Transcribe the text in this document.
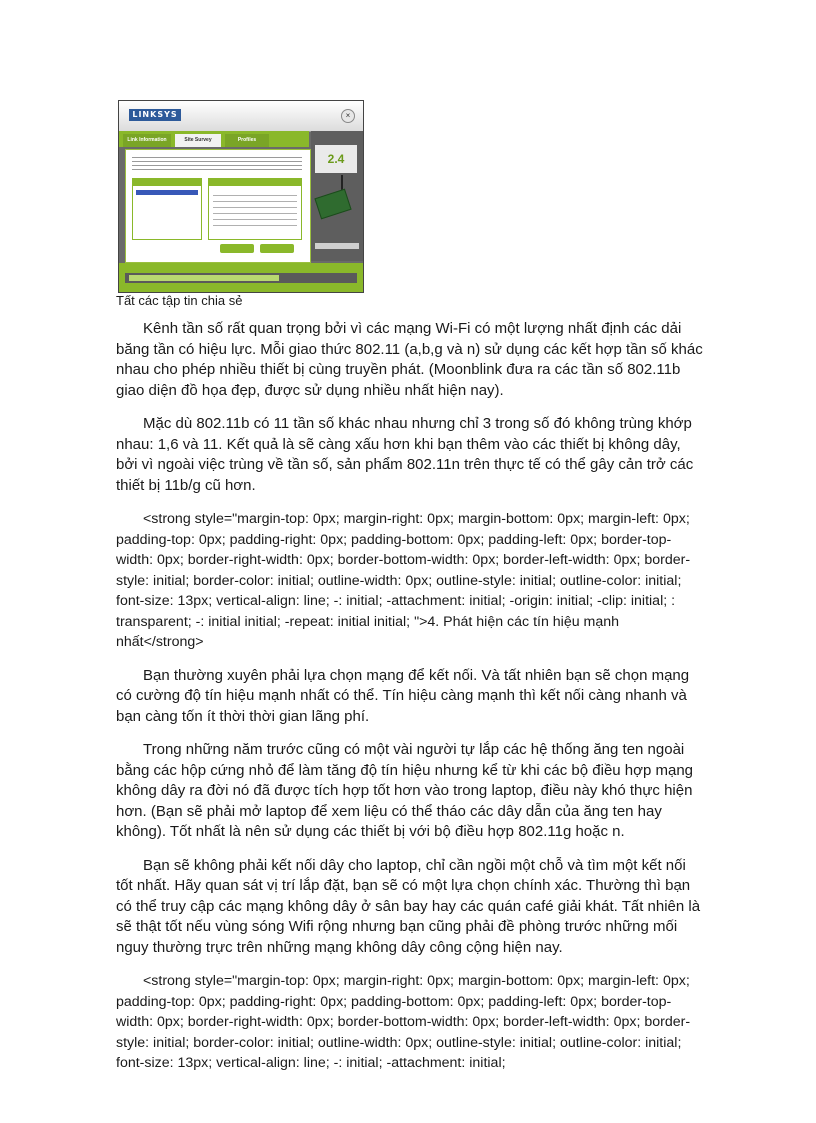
LINKSYS	×
Link Information	Site Survey	Profiles
2.4
Tất các tập tin chia sẻ

Kênh tần số rất quan trọng bởi vì các mạng Wi-Fi có một lượng nhất định các dải băng tần có hiệu lực. Mỗi giao thức 802.11 (a,b,g và n) sử dụng các kết hợp tần số khác nhau cho phép nhiều thiết bị cùng truyền phát. (Moonblink đưa ra các tần số 802.11b giao diện đồ họa đẹp, được sử dụng nhiều nhất hiện nay).

Mặc dù 802.11b có 11 tần số khác nhau nhưng chỉ 3 trong số đó không trùng khớp nhau: 1,6 và 11. Kết quả là sẽ càng xấu hơn khi bạn thêm vào các thiết bị không dây, bởi vì ngoài việc trùng về tần số, sản phẩm 802.11n trên thực tế có thể gây cản trở các thiết bị 11b/g cũ hơn.

<strong style="margin-top: 0px; margin-right: 0px; margin-bottom: 0px; margin-left: 0px; padding-top: 0px; padding-right: 0px; padding-bottom: 0px; padding-left: 0px; border-top-width: 0px; border-right-width: 0px; border-bottom-width: 0px; border-left-width: 0px; border-style: initial; border-color: initial; outline-width: 0px; outline-style: initial; outline-color: initial; font-size: 13px; vertical-align: line; -: initial; -attachment: initial; -origin: initial; -clip: initial; : transparent; -: initial initial; -repeat: initial initial; ">4. Phát hiện các tín hiệu mạnh nhất</strong>

Bạn thường xuyên phải lựa chọn mạng để kết nối. Và tất nhiên bạn sẽ chọn mạng có cường độ tín hiệu mạnh nhất có thể. Tín hiệu càng mạnh thì kết nối càng nhanh và bạn càng tốn ít thời thời gian lãng phí.

Trong những năm trước cũng có một vài người tự lắp các hệ thống ăng ten ngoài bằng các hộp cứng nhỏ để làm tăng độ tín hiệu nhưng kể từ khi các bộ điều hợp mạng không dây ra đời nó đã được tích hợp tốt hơn vào trong laptop, điều này khó thực hiện hơn. (Bạn sẽ phải mở laptop để xem liệu có thể tháo các dây dẫn của ăng ten hay không). Tốt nhất là nên sử dụng các thiết bị với bộ điều hợp 802.11g hoặc n.

Bạn sẽ không phải kết nối dây cho laptop, chỉ cần ngồi một chỗ và tìm một kết nối tốt nhất. Hãy quan sát vị trí lắp đặt, bạn sẽ có một lựa chọn chính xác. Thường thì bạn có thể truy cập các mạng không dây ở sân bay hay các quán café giải khát. Tất nhiên là sẽ thật tốt nếu vùng sóng Wifi rộng nhưng bạn cũng phải đề phòng trước những mối nguy thường trực trên những mạng không dây công cộng hiện nay.

<strong style="margin-top: 0px; margin-right: 0px; margin-bottom: 0px; margin-left: 0px; padding-top: 0px; padding-right: 0px; padding-bottom: 0px; padding-left: 0px; border-top-width: 0px; border-right-width: 0px; border-bottom-width: 0px; border-left-width: 0px; border-style: initial; border-color: initial; outline-width: 0px; outline-style: initial; outline-color: initial; font-size: 13px; vertical-align: line; -: initial; -attachment: initial;
